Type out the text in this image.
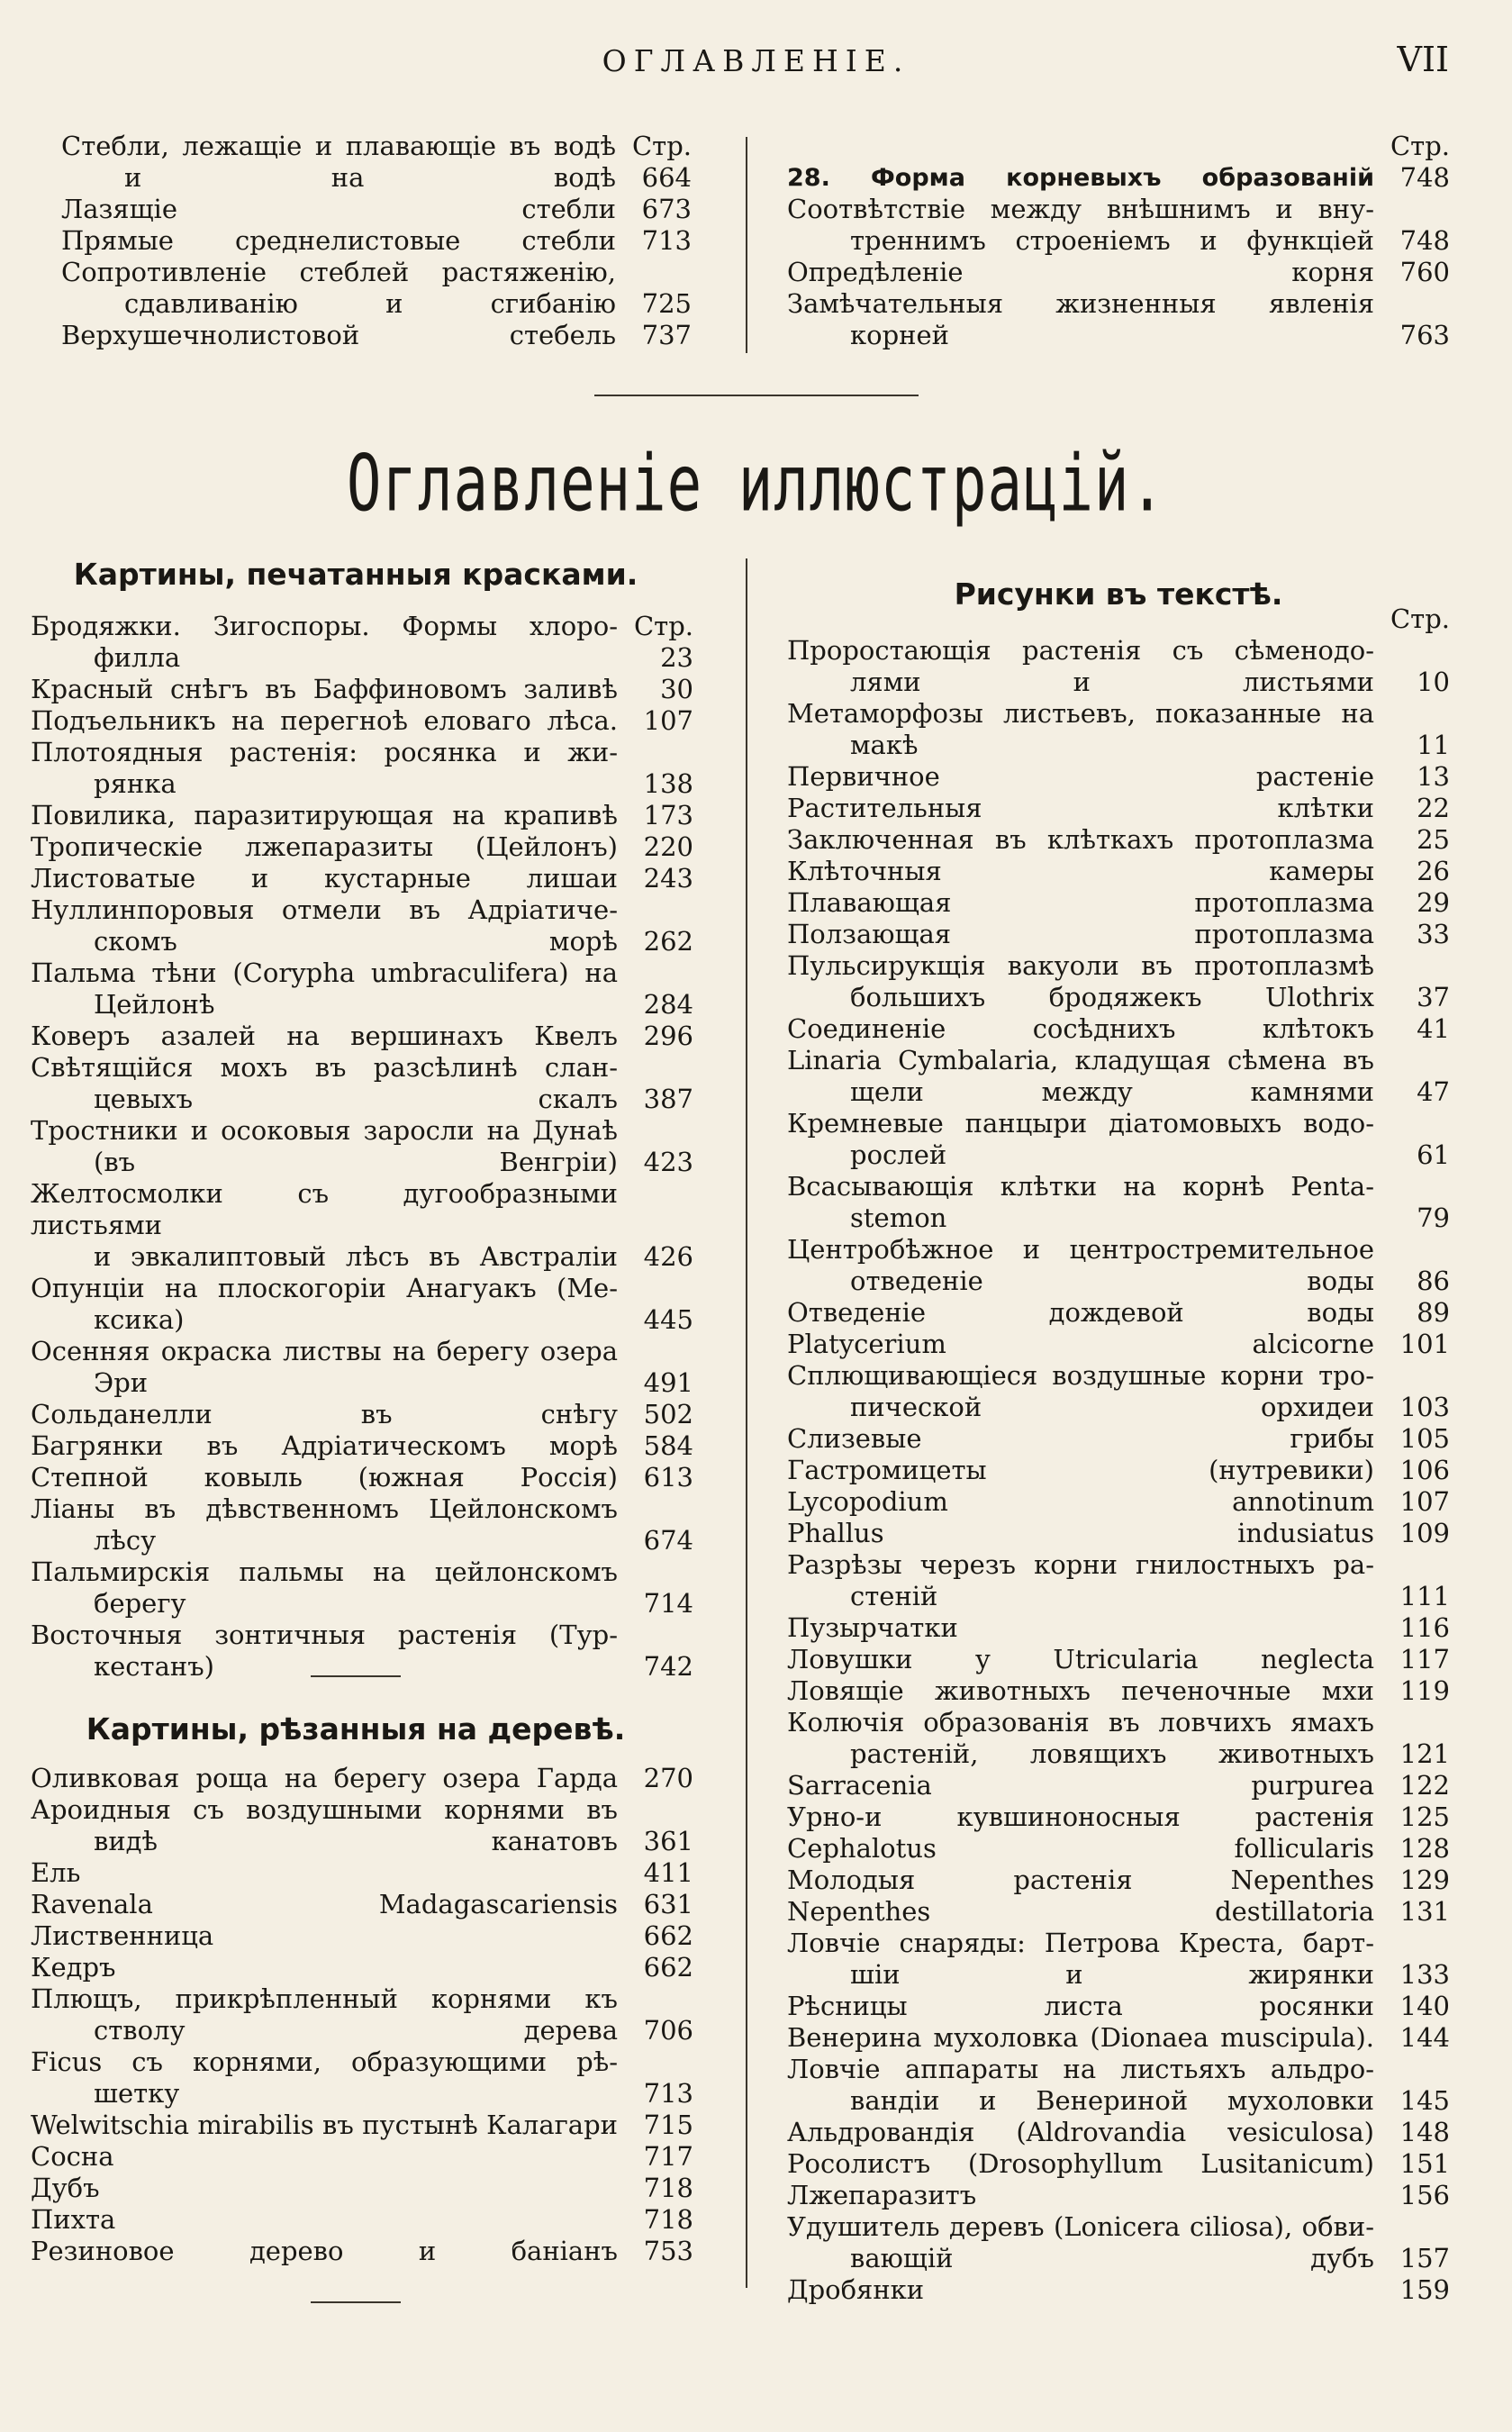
ОГЛАВЛЕНІЕ.	VII
Стебли, лежащіе и плавающіе въ водѣ Стр.
и на водѣ 664
Лазящіе стебли 673
Прямые среднелистовые стебли 713
Сопротивленіе стеблей растяженію,
сдавливанію и сгибанію 725
Верхушечнолистовой стебель 737
Стр.
28. Форма корневыхъ образованій 748
Соотвѣтствіе между внѣшнимъ и вну-
треннимъ строеніемъ и функціей 748
Опредѣленіе корня 760
Замѣчательныя жизненныя явленія
корней	763
Оглавленіе иллюстрацій.
Картины, печатанныя красками.
Бродяжки. Зигоспоры. Формы хлоро- Стр.
филла	23
Красный снѣгъ въ Баффиновомъ заливѣ	30
Подъельникъ на перегноѣ еловаго лѣса. 107
Плотоядныя растенія: росянка и жи-
рянка	138
Повилика, паразитирующая на крапивѣ 173
Тропическіе лжепаразиты (Цейлонъ) 220
Листоватые и кустарные лишаи 243
Нуллинпоровыя отмели въ Адріатиче-
скомъ морѣ 262
Пальма тѣни (Corypha umbraculifera) на
Цейлонѣ	284
Коверъ азалей на вершинахъ Квелъ 296
Свѣтящійся мохъ въ разсѣлинѣ слан-
цевыхъ скалъ 387
Тростники и осоковыя заросли на Дунаѣ
(въ Венгріи) 423
Желтосмолки съ дугообразными листьями
и эвкалиптовый лѣсъ въ Австраліи 426
Опунціи на плоскогоріи Анагуакъ (Ме-
ксика)	445
Осенняя окраска листвы на берегу озера
Эри	491
Сольданелли въ снѣгу 502
Багрянки въ Адріатическомъ морѣ 584
Степной ковыль (южная Россія) 613
Ліаны въ дѣвственномъ Цейлонскомъ
лѣсу	674
Пальмирскія пальмы на цейлонскомъ
берегу	714
Восточныя зонтичныя растенія (Тур-
кестанъ)	742
Картины, рѣзанныя на деревѣ.
Оливковая роща на берегу озера Гарда 270
Ароидныя съ воздушными корнями въ
видѣ канатовъ 361
Ель	411
Ravenala Madagascariensis 631
Лиственница	662
Кедръ	662
Плющъ, прикрѣпленный корнями къ
стволу дерева 706
Ficus съ корнями, образующими рѣ-
шетку	713
Welwitschia mirabilis въ пустынѣ Калагари 715
Сосна	717
Дубъ	718
Пихта	718
Резиновое дерево и баніанъ 753
Рисунки въ текстѣ.
Стр.
Проростающія растенія съ сѣменодо-
лями и листьями	10
Метаморфозы листьевъ, показанные на
макѣ	11
Первичное растеніе	13
Растительныя клѣтки	22
Заключенная въ клѣткахъ протоплазма	25
Клѣточныя камеры	26
Плавающая протоплазма	29
Ползающая протоплазма	33
Пульсирукщія вакуоли въ протоплазмѣ
большихъ бродяжекъ Ulothrix	37
Соединеніе сосѣднихъ клѣтокъ	41
Linaria Cymbalaria, кладущая сѣмена въ
щели между камнями	47
Кремневые панцыри діатомовыхъ водо-
рослей	61
Всасывающія клѣтки на корнѣ Penta-
stemon	79
Центробѣжное и центростремительное
отведеніе воды	86
Отведеніе дождевой воды	89
Platycerium alcicorne 101
Сплющивающіеся воздушные корни тро-
пической орхидеи 103
Слизевые грибы 105
Гастромицеты (нутревики) 106
Lycopodium annotinum 107
Phallus indusiatus 109
Разрѣзы черезъ корни гнилостныхъ ра-
стеній	111
Пузырчатки	116
Ловушки у Utricularia neglecta 117
Ловящіе животныхъ печеночные мхи 119
Колючія образованія въ ловчихъ ямахъ
растеній, ловящихъ животныхъ 121
Sarracenia purpurea 122
Урно-и кувшиноносныя растенія 125
Cephalotus follicularis 128
Молодыя растенія Nepenthes 129
Nepenthes destillatoria 131
Ловчіе снаряды: Петрова Креста, барт-
шіи и жирянки 133
Рѣсницы листа росянки 140
Венерина мухоловка (Dionaea muscipula). 144
Ловчіе аппараты на листьяхъ альдро-
вандіи и Венериной мухоловки 145
Альдровандія (Aldrovandia vesiculosa) 148
Росолистъ (Drosophyllum Lusitanicum) 151
Лжепаразитъ	156
Удушитель деревъ (Lonicera ciliosa), обви-
вающій дубъ 157
Дробянки	159
